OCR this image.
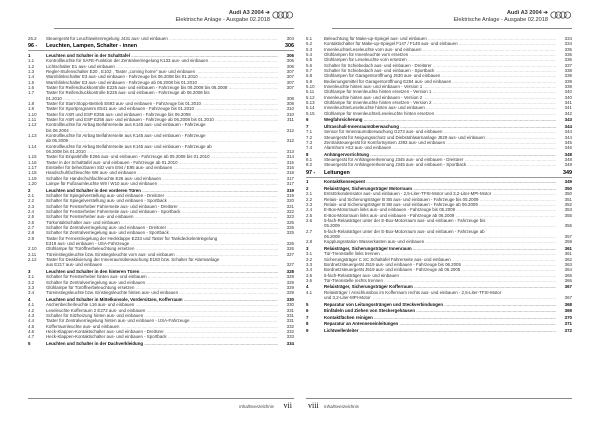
Audi A3 2004 ➔
Elektrische Anlage - Ausgabe 02.2018
26.2	Steuergerät für Leuchtweitenregelung J431 aus- und einbauen .....	304
96 -	Leuchten, Lampen, Schalter - innen	306
1	Leuchten und Schalter in der Schalttafel .....	306
1.1	Kontrollleuchte für SAFE-Funktion der Zentralverriegelung K133 aus- und einbauen .....	306
1.2	Lichtschalter E1 aus- und einbauen .....	306
1.3	Regler-Stufenschalter E20 , E102 , Taster „coming home“ aus- und einbauen .....	307
1.4	Warnblinkschalter E3 aus- und einbauen - Fahrzeuge bis 06.2008 bis 01.2010 .....	307
1.5	Warnblinkschalter E3 aus- und einbauen - Fahrzeuge ab 06.2008 bis 01.2010 .....	307
1.6	Taster für Reifendruckkontrolle E226 aus- und einbauen - Fahrzeuge bis 06.2008 bis 06.2008 .....	307
1.7	Taster für Reifendruckkontrolle E226 aus- und einbauen - Fahrzeuge ab 06.2008 bis
01.2010 .....	308
1.8	Taster für Start-Stopp-Betrieb E693 aus- und einbauen - Fahrzeuge bis 01.2010 .....	308
1.9	Taster für Sportprogramm E541 aus- und einbauen - Fahrzeuge bis 01.2010 .....	310
1.10	Taster für ASR und ESP E256 aus- und einbauen - Fahrzeuge bis 06.2008 .....	310
1.11	Taster für ASR und ESP E256 aus- und einbauen - Fahrzeuge ab 06.2008 bis 01.2010 .....	311
1.12	Kontrollleuchte für Airbag Beifahrerseite aus K145 aus- und einbauen - Fahrzeuge
bis 06.2004 .....	312
1.13	Kontrollleuchte für Airbag Beifahrerseite aus K145 aus- und einbauen - Fahrzeuge
ab 05.2009 .....	312
1.14	Kontrollleuchte für Airbag Beifahrerseite aus K145 aus- und einbauen - Fahrzeuge ab
06.2008 bis 01.2010 .....	313
1.15	Taster für Einparkhilfe E266 aus- und einbauen - Fahrzeuge ab 05.2008 bis 01.2010 .....	314
1.16	Taster in der Schalttafel aus- und einbauen - Fahrzeuge ab 01.2010 .....	315
1.17	Einsteller für beheizbaren Sitz vorn E94 / E95 aus- und einbauen .....	316
1.18	Handschuhfachleuchte W6 aus- und einbauen .....	318
1.19	Schalter für Handschuhfachleuchte E26 aus- und einbauen .....	317
1.20	Lampe für Fußraumleuchte W9 / W10 aus- und einbauen .....	317
2	Leuchten und Schalter in den vorderen Türen .....	319
2.1	Schalter für Spiegelverstellung aus- und einbauen - Dreitürer .....	319
2.2	Schalter für Spiegelverstellung aus- und einbauen - Sportback .....	320
2.3	Schalter für Fensterheber Fahrerseite aus- und einbauen - Dreitürer .....	321
2.4	Schalter für Fensterheber Fahrerseite aus- und einbauen - Sportback .....	322
2.5	Schalter für Fensterheber aus- und einbauen .....	323
2.6	Türkontaktschalter aus- und einbauen .....	325
2.7	Schalter für Zentralverriegelung aus- und einbauen - Dreitürer .....	325
2.8	Schalter für Zentralverriegelung aus- und einbauen - Sportback .....	325
2.9	Taster für Fernentriegelung der Heckklappe E233 und Taster für Tankdeckelentriegelung
E319 aus- und einbauen - USA-Fahrzeuge .....	326
2.10	Glühlampe für Türöffnerbeleuchtung ersetzen .....	326
2.11	Türeinstiegsleuchte bzw. Einstiegsleuchte vorn aus- und einbauen .....	327
2.12	Taster für Deaktivierung der Innenraumüberwachung E183 bzw. Schalter für Alarmanlage
aus E217 aus- und einbauen .....	327
3	Leuchten und Schalter in den hinteren Türen .....	328
3.1	Schalter für Fensterheber hinten aus- und einbauen .....	328
3.2	Schalter für Zentralverriegelung aus- und einbauen .....	329
3.3	Glühlampe für Türöffnerbeleuchtung ersetzen .....	329
3.4	Türeinstiegsleuchte bzw. Einstiegsleuchte hinten aus- und einbauen .....	329
4	Leuchten und Schalter in Mittelkonsole, Vordersitzen, Kofferraum .....	330
4.1	Aschenbecherleuchte L16 aus- und einbauen .....	330
4.2	Leseleuchte Kofferraum 2 E272 aus- und einbauen .....	331
4.3	Schalter für Sitzheizung hinten aus- und einbauen .....	331
4.4	Taster für Zentralverriegelung hinten aus- und einbauen - USA-Fahrzeuge .....	331
4.5	Kofferraumleuchte aus- und einbauen .....	332
4.6	Heck-Klappen-Kontaktschalter aus- und einbauen - Dreitürer .....	332
4.7	Heck-Klappen-Kontaktschalter aus- und einbauen - Sportback .....	333
5	Leuchten und Schalter in der Dachverkleidung .....	334
Inhaltsverzeichnis vii
Audi A3 2004 ➔
Elektrische Anlage - Ausgabe 02.2018
5.1	Beleuchtung für Make-up-Spiegel aus- und einbauen .....	334
5.2	Kontaktschalter für Make-up-Spiegel F147 / F148 aus- und einbauen .....	334
5.3	Innenleuchte/Leseleuchte vorn aus- und einbauen .....	335
5.4	Glühlampen für Innenleuchte vorn ersetzen .....	336
5.5	Glühlampen für Leseleuchte vorn ersetzen .....	336
5.6	Schalter für Schiebedach aus- und einbauen - Dreitürer .....	337
5.7	Schalter für Schiebedach aus- und einbauen - Sportback .....	338
5.8	Glühlampen für Garagentoröffnung J530 aus- und einbauen .....	339
5.9	Bedienungsmittel für Garagentoröffnung E284 aus- und einbauen .....	339
5.10	Innenleuchte hinten aus- und einbauen - Version 1 .....	339
5.11	Glühlampe für Innenleuchte hinten ersetzen - Version 1 .....	340
5.12	Innenleuchte hinten aus- und einbauen - Version 2 .....	340
5.13	Glühlampe für Innenleuchte hinten ersetzen - Version 2 .....	341
5.14	Innenleuchte/Leseleuchte hinten aus- und einbauen .....	341
5.15	Glühlampe für Innenleuchte/Leseleuchte hinten ersetzen .....	342
6	Wegfahrsicherung .....	343
7	Ultraschall-Innenraumüberwachung .....	344
7.1	Sensor für Innenraumüberwachung G273 aus- und einbauen .....	344
7.2	Steuergerät für Neigungsschutz und Diebstahlwarnanlage J529 aus- und einbauen .....	344
7.3	Zentralsteuergerät für Komfortsystem J393 aus- und einbauen .....	345
7.4	Alarmhorn H12 aus- und einbauen .....	346
8	Anhängervorrichtung .....	348
8.1	Steuergerät für Anhängererkennung J345 aus- und einbauen - Dreitürer .....	348
8.2	Steuergerät für Anhängererkennung J345 aus- und einbauen - Sportback .....	348
97 -	Leitungen	349
1	Kontaktkonsequent .....	349
2	Relaisträger, Sicherungsträger Motorraum .....	350
2.1	Entstörkondensator aus- und einbauen - 2,5-Liter-TFSI-Motor und 3,2-Liter-MPI-Motor .....	350
2.2	Relais- und Sicherungsträger B SB aus- und einbauen - Fahrzeuge bis 05.2009 .....	351
2.3	Relais- und Sicherungsträger B SB aus- und einbauen - Fahrzeuge ab 06.2009 .....	352
2.4	E-Box-Motorraum links aus- und einbauen - Fahrzeuge bis 05.2009 .....	353
2.5	E-Box-Motorraum links aus- und einbauen - Fahrzeuge ab 06.2009 .....	355
2.6	5-fach-Relaisträger unter der E-Box-Motorraum aus- und einbauen - Fahrzeuge bis
05.2009 .....	356
2.7	5-fach-Relaisträger unter der E-Box-Motorraum aus- und einbauen - Fahrzeuge ab
06.2009 .....	357
2.8	Kupplungsstation Wasserkasten aus- und einbauen .....	359
3	Relaisträger, Sicherungsträger Innenraum .....	361
3.1	Tür-Trennstelle links trennen .....	361
3.2	Sicherungsträger C SC Schaltafel Fahrerseite aus- und einbauen .....	362
3.3	Bordnetzsteuergerät J519 aus- und einbauen - Fahrzeuge bis 06.2005 .....	363
3.4	Bordnetzsteuergerät J519 aus- und einbauen - Fahrzeuge ab 06.2005 .....	364
3.5	5-fach-Relaisträger aus- und einbauen .....	365
3.6	Tür-Trennstelle rechts trennen .....	366
4	Relaisträger, Sicherungsträger Kofferraum .....	367
4.1	Relaisträger / Anschlussbox im Kofferraum rechts aus- und einbauen - 2,5-Liter-TFSI-Motor
und 3,2-Liter-MPI-Motor .....	367
5	Reparatur von Leitungssträngen und Steckverbindungen .....	368
6	Einfädeln und Ziehen von Steckergehäusen .....	369
7	Kontaktfächen reinigen .....	370
8	Reparatur an Antenneneinleitungen .....	371
9	Lichtwellenleiter .....	372
viii Inhaltsverzeichnis
